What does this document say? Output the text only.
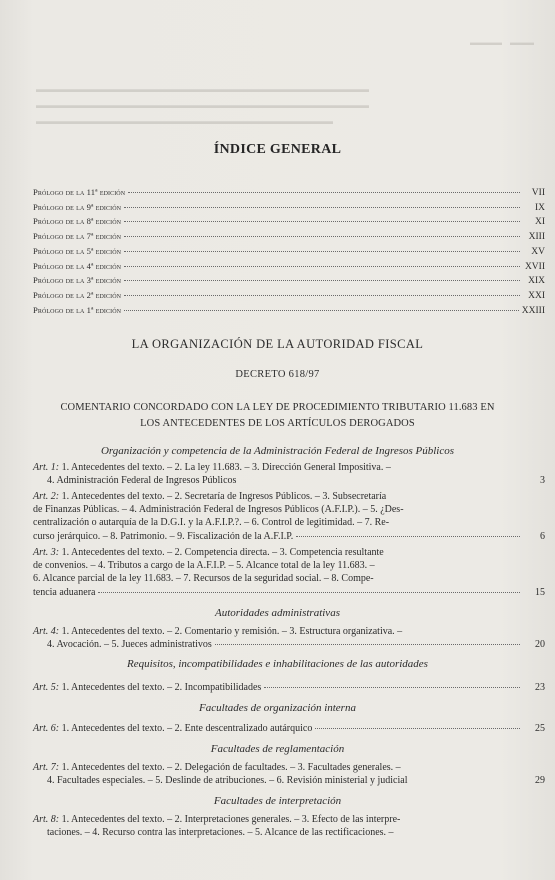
▬▬▬▬    ▬▬▬
▬▬▬▬▬▬▬▬▬▬▬▬▬▬▬▬▬▬▬▬▬▬▬▬▬▬▬▬▬▬▬▬▬▬▬▬▬
▬▬▬▬▬▬▬▬▬▬▬▬▬▬▬▬▬▬▬▬▬▬▬▬▬▬▬▬▬▬▬▬▬▬▬▬▬
▬▬▬▬▬▬▬▬▬▬▬▬▬▬▬▬▬▬▬▬▬▬▬▬▬▬▬▬▬▬▬▬▬
ÍNDICE GENERAL
Prólogo de la 11ª edición	VII
Prólogo de la 9ª edición	IX
Prólogo de la 8ª edición	XI
Prólogo de la 7ª edición	XIII
Prólogo de la 5ª edición	XV
Prólogo de la 4ª edición	XVII
Prólogo de la 3ª edición	XIX
Prólogo de la 2ª edición	XXI
Prólogo de la 1ª edición	XXIII
LA ORGANIZACIÓN DE LA AUTORIDAD FISCAL
DECRETO 618/97
COMENTARIO CONCORDADO CON LA LEY DE PROCEDIMIENTO TRIBUTARIO 11.683 EN
LOS ANTECEDENTES DE LOS ARTÍCULOS DEROGADOS
Organización y competencia de la Administración Federal de Ingresos Públicos
Art. 1:
1. Antecedentes del texto. – 2. La ley 11.683. – 3. Dirección General Impositiva. –
4. Administración Federal de Ingresos Públicos	3
Art. 2:
1. Antecedentes del texto. – 2. Secretaría de Ingresos Públicos. – 3. Subsecretaría
de Finanzas Públicas. – 4. Administración Federal de Ingresos Públicos (A.F.I.P.). – 5. ¿Des-
centralización o autarquía de la D.G.I. y la A.F.I.P.?. – 6. Control de legitimidad. – 7. Re-
curso jerárquico. – 8. Patrimonio. – 9. Fiscalización de la A.F.I.P.	6
Art. 3:
1. Antecedentes del texto. – 2. Competencia directa. – 3. Competencia resultante
de convenios. – 4. Tributos a cargo de la A.F.I.P. – 5. Alcance total de la ley 11.683. –
6. Alcance parcial de la ley 11.683. – 7. Recursos de la seguridad social. – 8. Compe-
tencia aduanera	15
Autoridades administrativas
Art. 4:
1. Antecedentes del texto. – 2. Comentario y remisión. – 3. Estructura organizativa. –
4. Avocación. – 5. Jueces administrativos	20
Requisitos, incompatibilidades e inhabilitaciones de las autoridades
Art. 5:
1. Antecedentes del texto. – 2. Incompatibilidades	23
Facultades de organización interna
Art. 6:
1. Antecedentes del texto. – 2. Ente descentralizado autárquico	25
Facultades de reglamentación
Art. 7:
1. Antecedentes del texto. – 2. Delegación de facultades. – 3. Facultades generales. –
4. Facultades especiales. – 5. Deslinde de atribuciones. – 6. Revisión ministerial y judicial	29
Facultades de interpretación
Art. 8:
1. Antecedentes del texto. – 2. Interpretaciones generales. – 3. Efecto de las interpre-
taciones. – 4. Recurso contra las interpretaciones. – 5. Alcance de las rectificaciones. –
